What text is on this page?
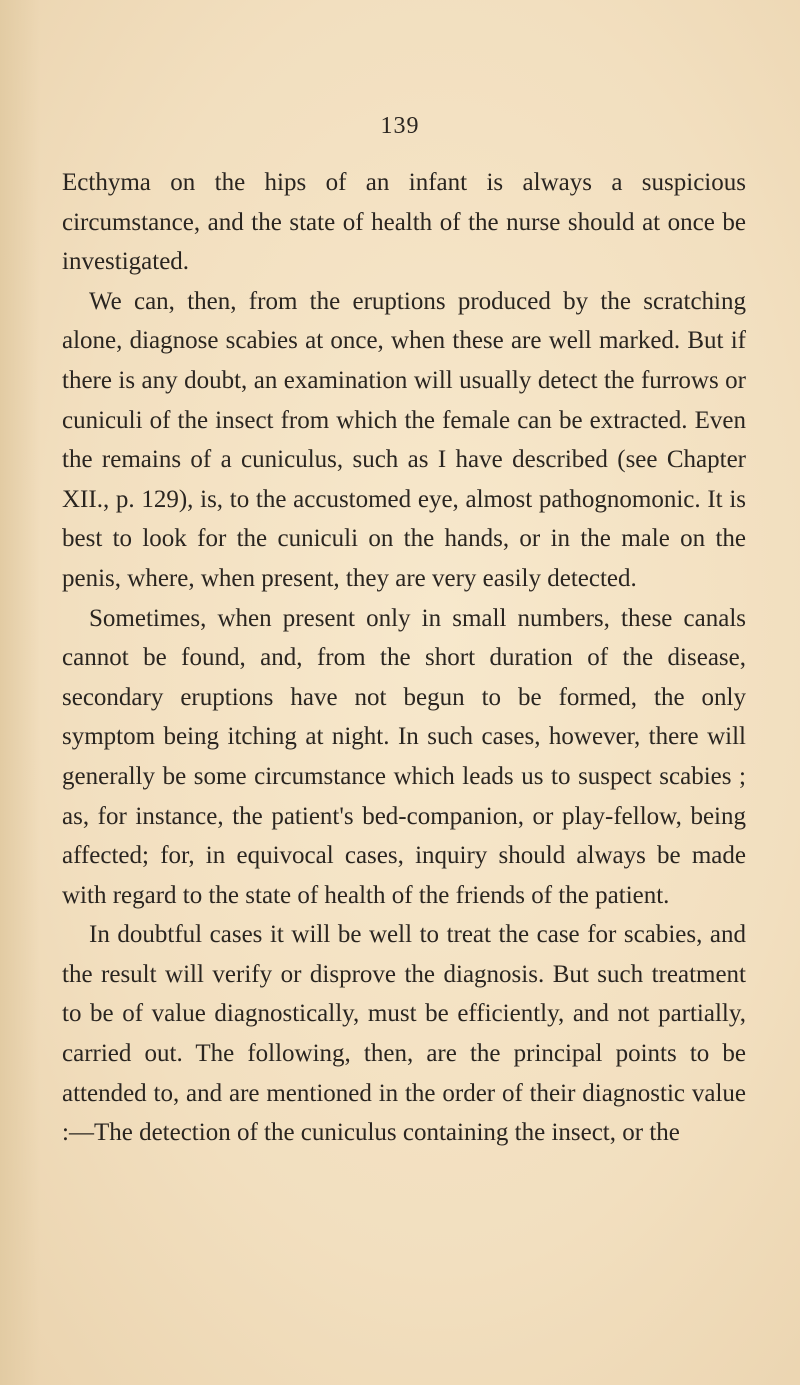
139

Ecthyma on the hips of an infant is always a suspicious circumstance, and the state of health of the nurse should at once be investigated.

We can, then, from the eruptions produced by the scratching alone, diagnose scabies at once, when these are well marked. But if there is any doubt, an examination will usually detect the furrows or cuniculi of the insect from which the female can be extracted. Even the remains of a cuniculus, such as I have described (see Chapter XII., p. 129), is, to the accustomed eye, almost pathognomonic. It is best to look for the cuniculi on the hands, or in the male on the penis, where, when present, they are very easily detected.

Sometimes, when present only in small numbers, these canals cannot be found, and, from the short duration of the disease, secondary eruptions have not begun to be formed, the only symptom being itching at night. In such cases, however, there will generally be some circumstance which leads us to suspect scabies ; as, for instance, the patient's bed-companion, or play-fellow, being affected; for, in equivocal cases, inquiry should always be made with regard to the state of health of the friends of the patient.

In doubtful cases it will be well to treat the case for scabies, and the result will verify or disprove the diagnosis. But such treatment to be of value diagnostically, must be efficiently, and not partially, carried out. The following, then, are the principal points to be attended to, and are mentioned in the order of their diagnostic value :—The detection of the cuniculus containing the insect, or the
